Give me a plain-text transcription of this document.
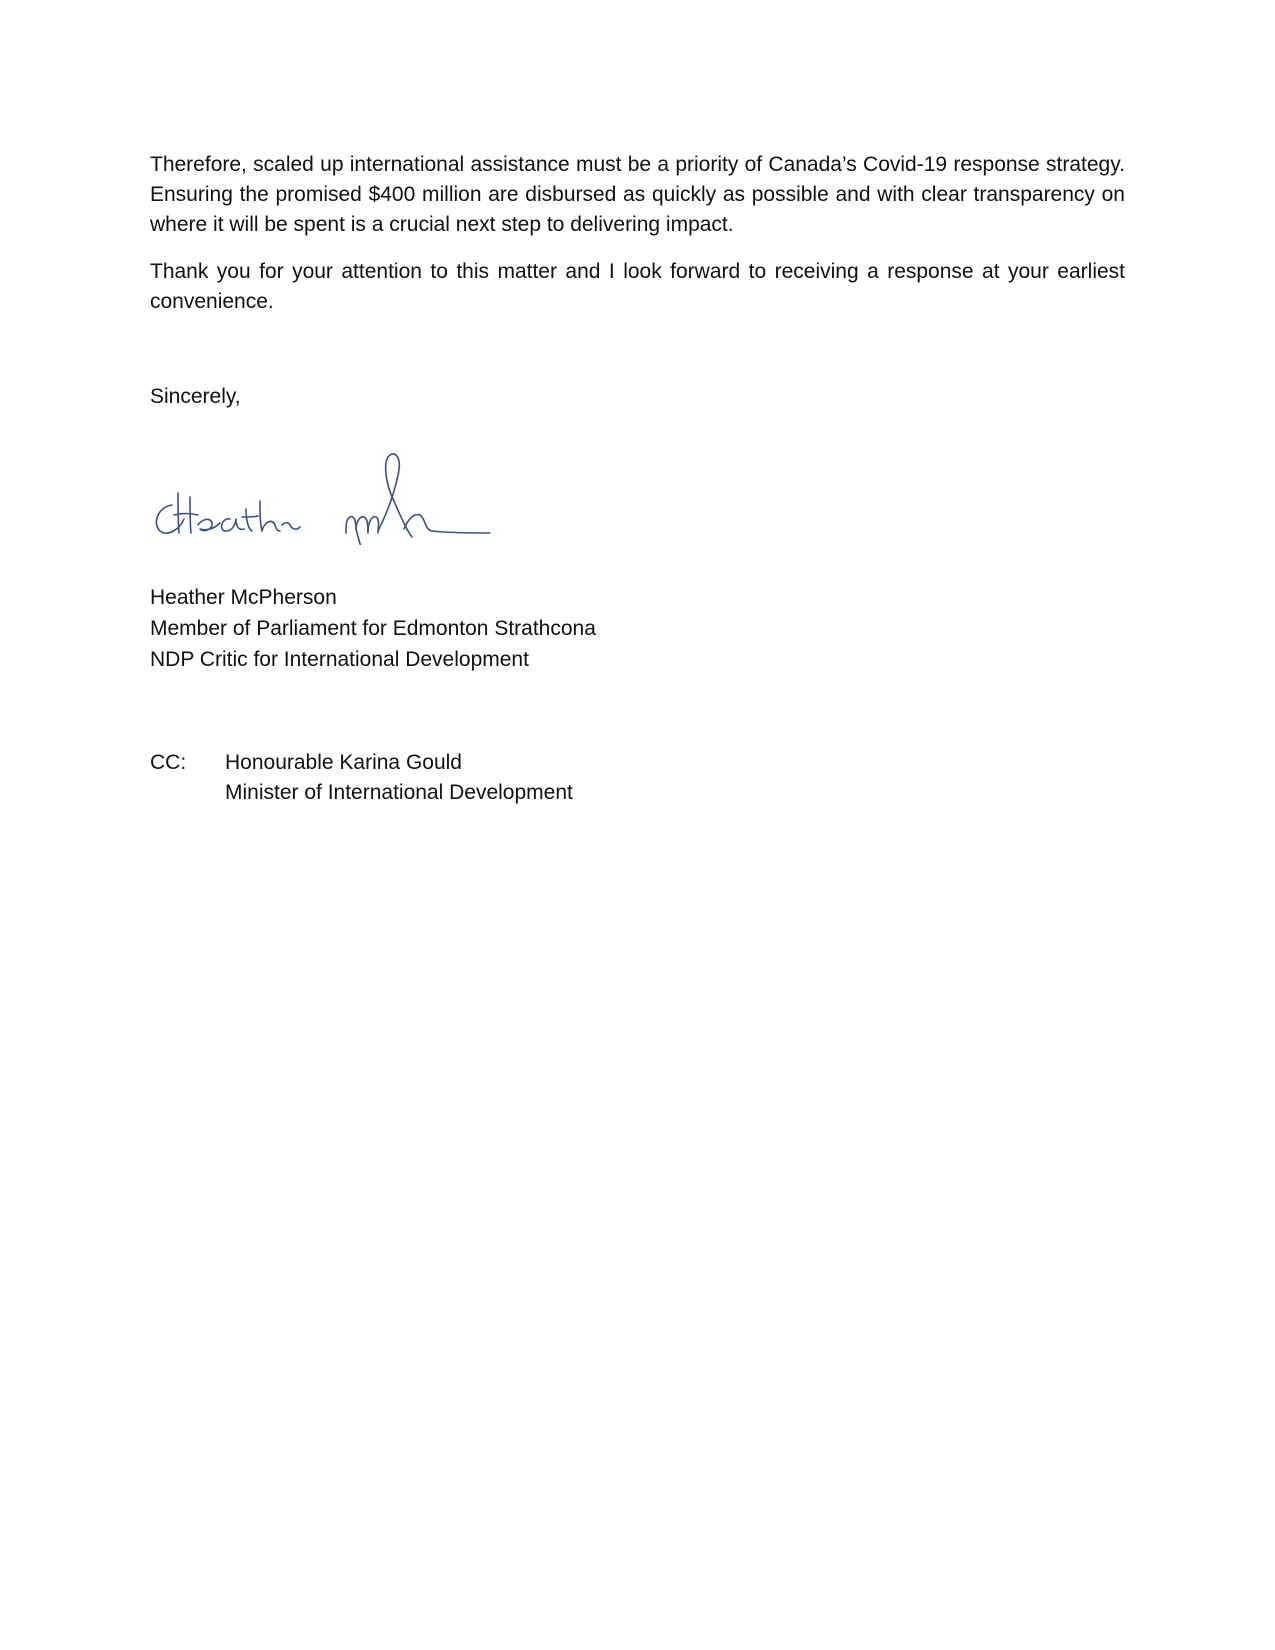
Therefore, scaled up international assistance must be a priority of Canada’s Covid-19 response strategy. Ensuring the promised $400 million are disbursed as quickly as possible and with clear transparency on where it will be spent is a crucial next step to delivering impact.

Thank you for your attention to this matter and I look forward to receiving a response at your earliest convenience.

Sincerely,

Heather McPherson
Member of Parliament for Edmonton Strathcona
NDP Critic for International Development
CC: Honourable Karina Gould
Minister of International Development
